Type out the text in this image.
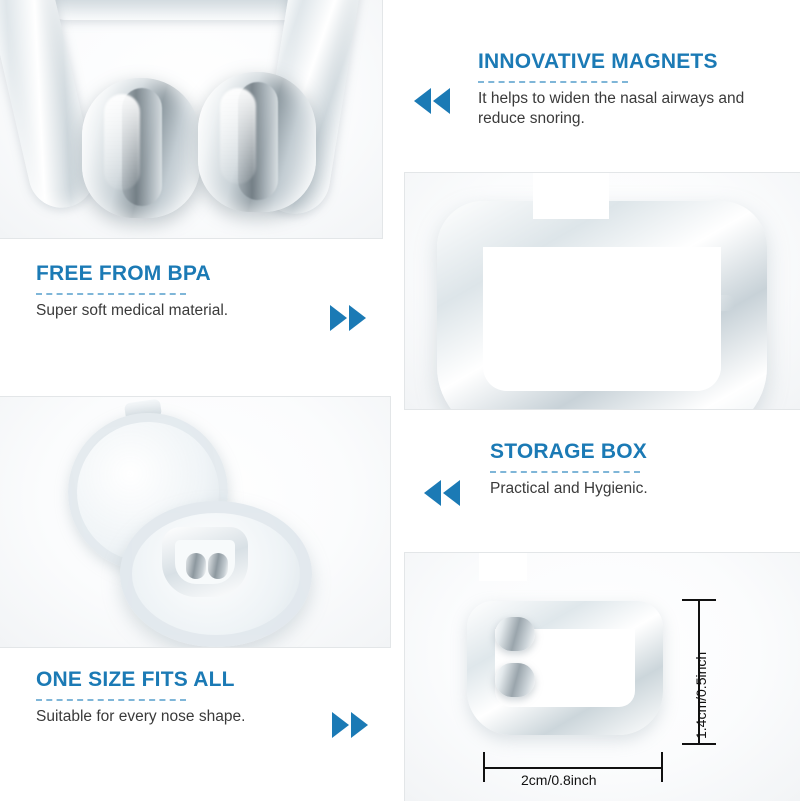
INNOVATIVE MAGNETS
It helps to widen the nasal airways and reduce snoring.
FREE FROM BPA
Super soft medical material.
STORAGE BOX
Practical and Hygienic.
ONE SIZE FITS ALL
Suitable for every nose shape.	1.4cm/0.5inch
2cm/0.8inch
